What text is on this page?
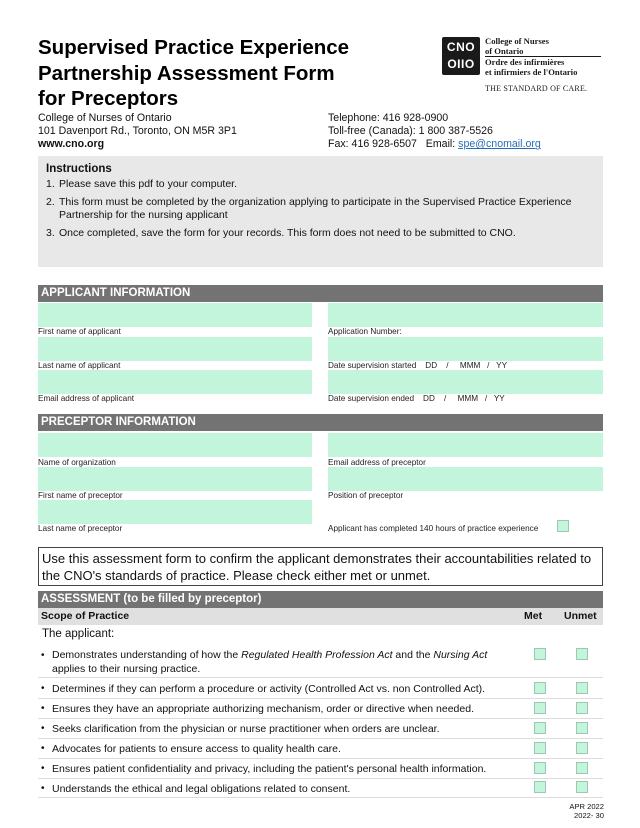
Supervised Practice Experience
Partnership Assessment Form
for Preceptors
CNO
OIIO
College of Nurses
of Ontario
Ordre des infirmières
et infirmiers de l'Ontario
THE STANDARD OF CARE.
College of Nurses of Ontario
101 Davenport Rd., Toronto, ON M5R 3P1
www.cno.org
Telephone: 416 928-0900
Toll-free (Canada): 1 800 387-5526
Fax: 416 928-6507 Email: spe@cnomail.org
Instructions
1. Please save this pdf to your computer.
2. This form must be completed by the organization applying to participate in the Supervised Practice Experience Partnership for the nursing applicant
3. Once completed, save the form for your records. This form does not need to be submitted to CNO.
APPLICANT INFORMATION
First name of applicant	Application Number:
Last name of applicant	Date supervision started DD    /     MMM   /   YY
Email address of applicant	Date supervision ended DD    /     MMM   /   YY
PRECEPTOR INFORMATION
Name of organization	Email address of preceptor
First name of preceptor	Position of preceptor
Last name of preceptor	Applicant has completed 140 hours of practice experience
Use this assessment form to confirm the applicant demonstrates their accountabilities related to the CNO's standards of practice. Please check either met or unmet.
ASSESSMENT (to be filled by preceptor)
Scope of Practice	Met Unmet
The applicant:
• Demonstrates understanding of how the Regulated Health Profession Act and the Nursing Act
applies to their nursing practice.
• Determines if they can perform a procedure or activity (Controlled Act vs. non Controlled Act).
• Ensures they have an appropriate authorizing mechanism, order or directive when needed.
• Seeks clarification from the physician or nurse practitioner when orders are unclear.
• Advocates for patients to ensure access to quality health care.
• Ensures patient confidentiality and privacy, including the patient's personal health information.
• Understands the ethical and legal obligations related to consent.
APR 2022
2022- 30
